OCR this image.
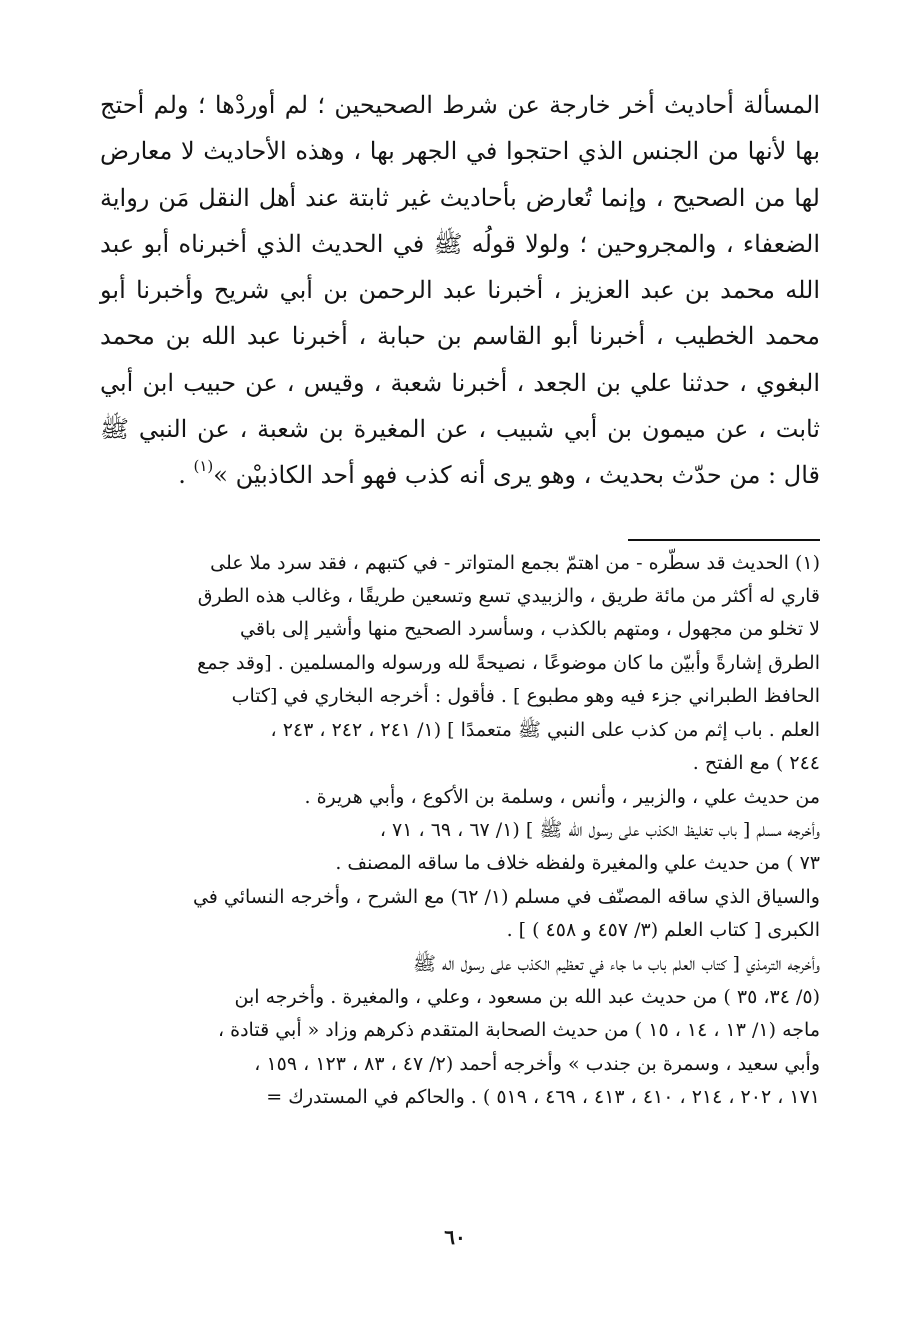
المسألة أحاديث أخر خارجة عن شرط الصحيحين ؛ لم أوردْها ؛ ولم أحتج بها لأنها من الجنس الذي احتجوا في الجهر بها ، وهذه الأحاديث لا معارض لها من الصحيح ، وإنما تُعارض بأحاديث غير ثابتة عند أهل النقل مَن رواية الضعفاء ، والمجروحين ؛ ولولا قولُه ﷺ في الحديث الذي أخبرناه أبو عبد الله محمد بن عبد العزيز ، أخبرنا عبد الرحمن بن أبي شريح وأخبرنا أبو محمد الخطيب ، أخبرنا أبو القاسم بن حبابة ، أخبرنا عبد الله بن محمد البغوي ، حدثنا علي بن الجعد ، أخبرنا شعبة ، وقيس ، عن حبيب ابن أبي ثابت ، عن ميمون بن أبي شبيب ، عن المغيرة بن شعبة ، عن النبي ﷺ قال : من حدّث بحديث ، وهو يرى أنه كذب فهو أحد الكاذبيْن »$^{(١)}$ .

(١) الحديث قد سطّره - من اهتمّ بجمع المتواتر - في كتبهم ، فقد سرد ملا على
قاري له أكثر من مائة طريق ، والزبيدي تسع وتسعين طريقًا ، وغالب هذه الطرق
لا تخلو من مجهول ، ومتهم بالكذب ، وسأسرد الصحيح منها وأشير إلى باقي
الطرق إشارةً وأبيّن ما كان موضوعًا ، نصيحةً لله ورسوله والمسلمين . [وقد جمع
الحافظ الطبراني جزء فيه وهو مطبوع ] . فأقول : أخرجه البخاري في [كتاب
العلم . باب إثم من كذب على النبي ﷺ متعمدًا ] (١/ ٢٤١ ، ٢٤٢ ، ٢٤٣ ،
٢٤٤ ) مع الفتح .
من حديث علي ، والزبير ، وأنس ، وسلمة بن الأكوع ، وأبي هريرة .
وأخرجه مسلم [ باب تغليظ الكذب على رسول الله ﷺ ] (١/ ٦٧ ، ٦٩ ، ٧١ ،
٧٣ ) من حديث علي والمغيرة ولفظه خلاف ما ساقه المصنف .
والسياق الذي ساقه المصنّف في مسلم (١/ ٦٢) مع الشرح ، وأخرجه النسائي في
الكبرى [ كتاب العلم (٣/ ٤٥٧ و ٤٥٨ ) ] .
وأخرجه الترمذي [ كتاب العلم باب ما جاء في تعظيم الكذب على رسول اله ﷺ
(٥/ ٣٤، ٣٥ ) من حديث عبد الله بن مسعود ، وعلي ، والمغيرة . وأخرجه ابن
ماجه (١/ ١٣ ، ١٤ ، ١٥ ) من حديث الصحابة المتقدم ذكرهم وزاد « أبي قتادة ،
وأبي سعيد ، وسمرة بن جندب » وأخرجه أحمد (٢/ ٤٧ ، ٨٣ ، ١٢٣ ، ١٥٩ ،
١٧١ ، ٢٠٢ ، ٢١٤ ، ٤١٠ ، ٤١٣ ، ٤٦٩ ، ٥١٩ ) . والحاكم في المستدرك =
٦٠
